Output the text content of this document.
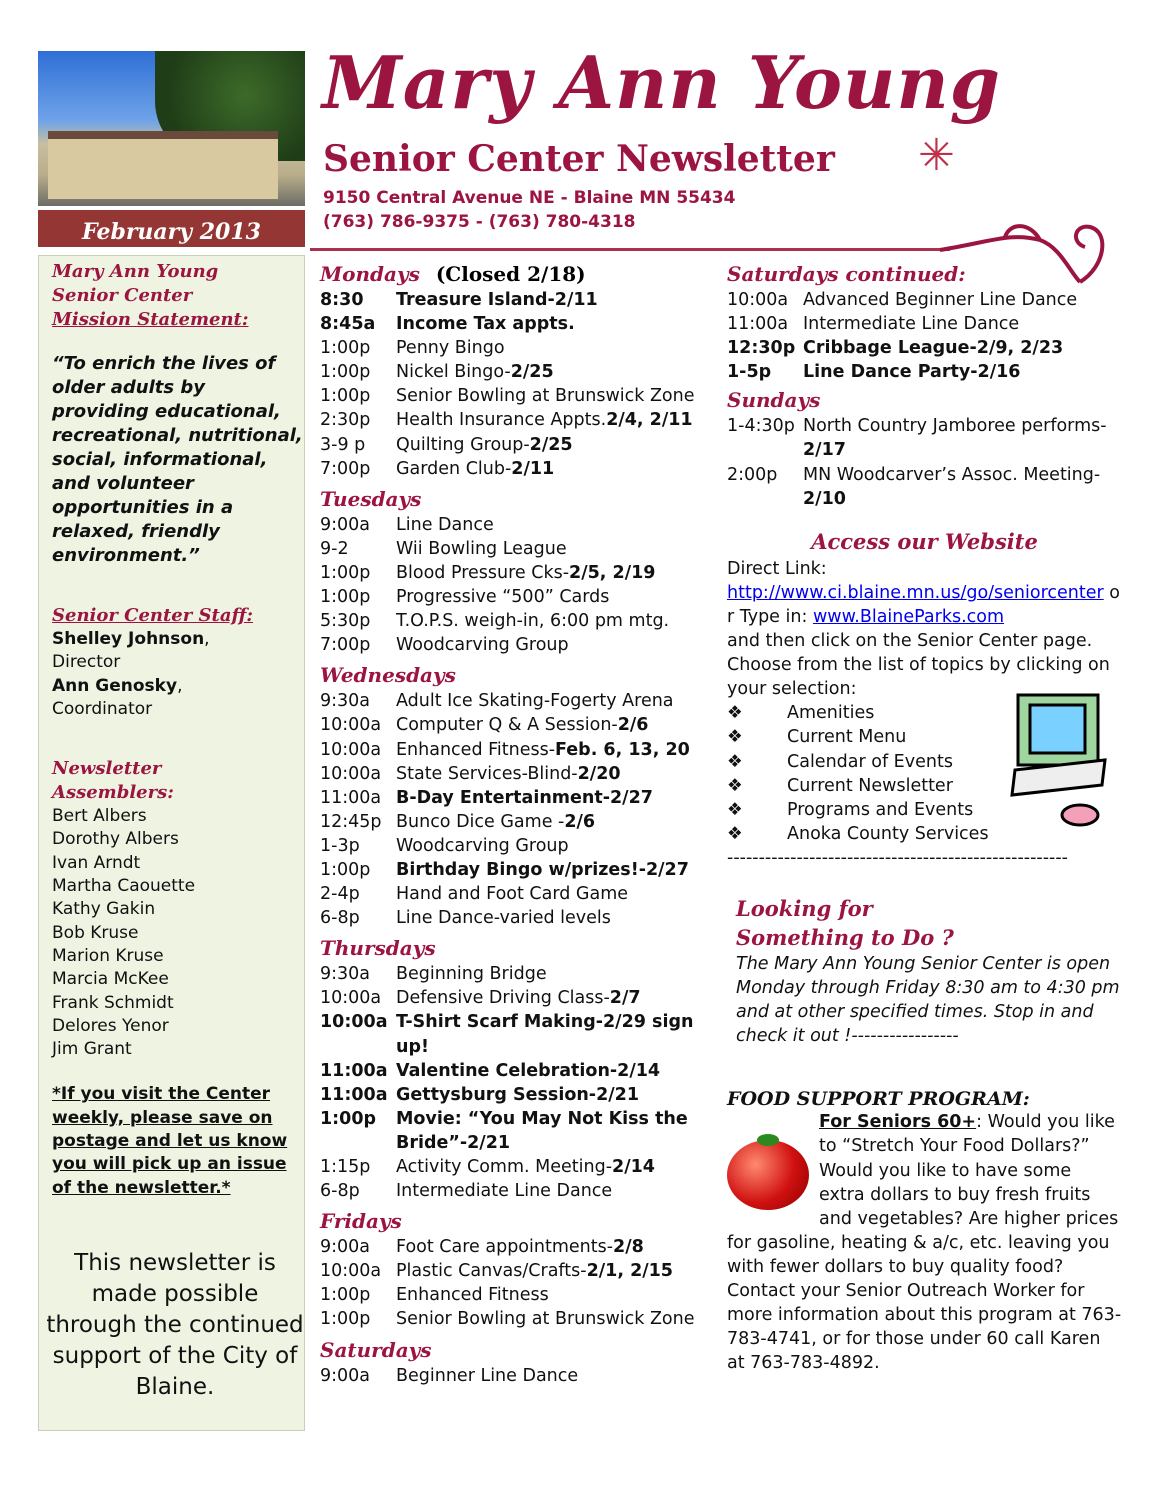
February 2013
Mary Ann Young
Senior Center Newsletter ✳
9150 Central Avenue NE - Blaine MN 55434
(763) 786-9375 - (763) 780-4318
Mary Ann Young
Senior Center
Mission Statement:
“To enrich the lives of older adults by providing educational, recreational, nutritional, social, informational, and volunteer opportunities in a relaxed, friendly environment.”
Senior Center Staff:
Shelley Johnson,
Director
Ann Genosky,
Coordinator
Newsletter Assemblers:
Bert Albers
Dorothy Albers
Ivan Arndt
Martha Caouette
Kathy Gakin
Bob Kruse
Marion Kruse
Marcia McKee
Frank Schmidt
Delores Yenor
Jim Grant
*If you visit the Center weekly, please save on postage and let us know you will pick up an issue of the newsletter.*
This newsletter is made possible through the continued support of the City of Blaine.
Mondays (Closed 2/18)
8:30	Treasure Island-2/11
8:45a	Income Tax appts.
1:00p	Penny Bingo
1:00p	Nickel Bingo-2/25
1:00p	Senior Bowling at Brunswick Zone
2:30p	Health Insurance Appts.2/4, 2/11
3-9 p	Quilting Group-2/25
7:00p	Garden Club-2/11
Tuesdays
9:00a	Line Dance
9-2	Wii Bowling League
1:00p	Blood Pressure Cks-2/5, 2/19
1:00p	Progressive “500” Cards
5:30p	T.O.P.S. weigh-in, 6:00 pm mtg.
7:00p	Woodcarving Group
Wednesdays
9:30a	Adult Ice Skating-Fogerty Arena
10:00a Computer Q & A Session-2/6
10:00a Enhanced Fitness-Feb. 6, 13, 20
10:00a State Services-Blind-2/20
11:00a B-Day Entertainment-2/27
12:45p Bunco Dice Game -2/6
1-3p	Woodcarving Group
1:00p	Birthday Bingo w/prizes!-2/27
2-4p	Hand and Foot Card Game
6-8p	Line Dance-varied levels
Thursdays
9:30a	Beginning Bridge
10:00a Defensive Driving Class-2/7
10:00a T-Shirt Scarf Making-2/29 sign up!
11:00a Valentine Celebration-2/14
11:00a Gettysburg Session-2/21
1:00p	Movie: “You May Not Kiss the Bride”-2/21
1:15p	Activity Comm. Meeting-2/14
6-8p	Intermediate Line Dance
Fridays
9:00a	Foot Care appointments-2/8
10:00a Plastic Canvas/Crafts-2/1, 2/15
1:00p	Enhanced Fitness
1:00p	Senior Bowling at Brunswick Zone
Saturdays
9:00a	Beginner Line Dance
Saturdays continued:
10:00a Advanced Beginner Line Dance
11:00a Intermediate Line Dance
12:30p Cribbage League-2/9, 2/23
1-5p	Line Dance Party-2/16
Sundays
1-4:30p North Country Jamboree performs-2/17
2:00p	MN Woodcarver’s Assoc. Meeting-2/10
Access our Website
Direct Link:
http://www.ci.blaine.mn.us/go/seniorcenter or Type in: www.BlaineParks.com
and then click on the Senior Center page. Choose from the list of topics by clicking on your selection:
❖	Amenities
❖	Current Menu
❖	Calendar of Events
❖	Current Newsletter
❖	Programs and Events
❖	Anoka County Services
------------------------------------------------------
Looking for
Something to Do ?
The Mary Ann Young Senior Center is open Monday through Friday 8:30 am to 4:30 pm and at other specified times. Stop in and check it out !-----------------
FOOD SUPPORT PROGRAM:
For Seniors 60+: Would you like to “Stretch Your Food Dollars?” Would you like to have some extra dollars to buy fresh fruits and vegetables? Are higher prices for gasoline, heating & a/c, etc. leaving you with fewer dollars to buy quality food? Contact your Senior Outreach Worker for more information about this program at 763-783-4741, or for those under 60 call Karen at 763-783-4892.
